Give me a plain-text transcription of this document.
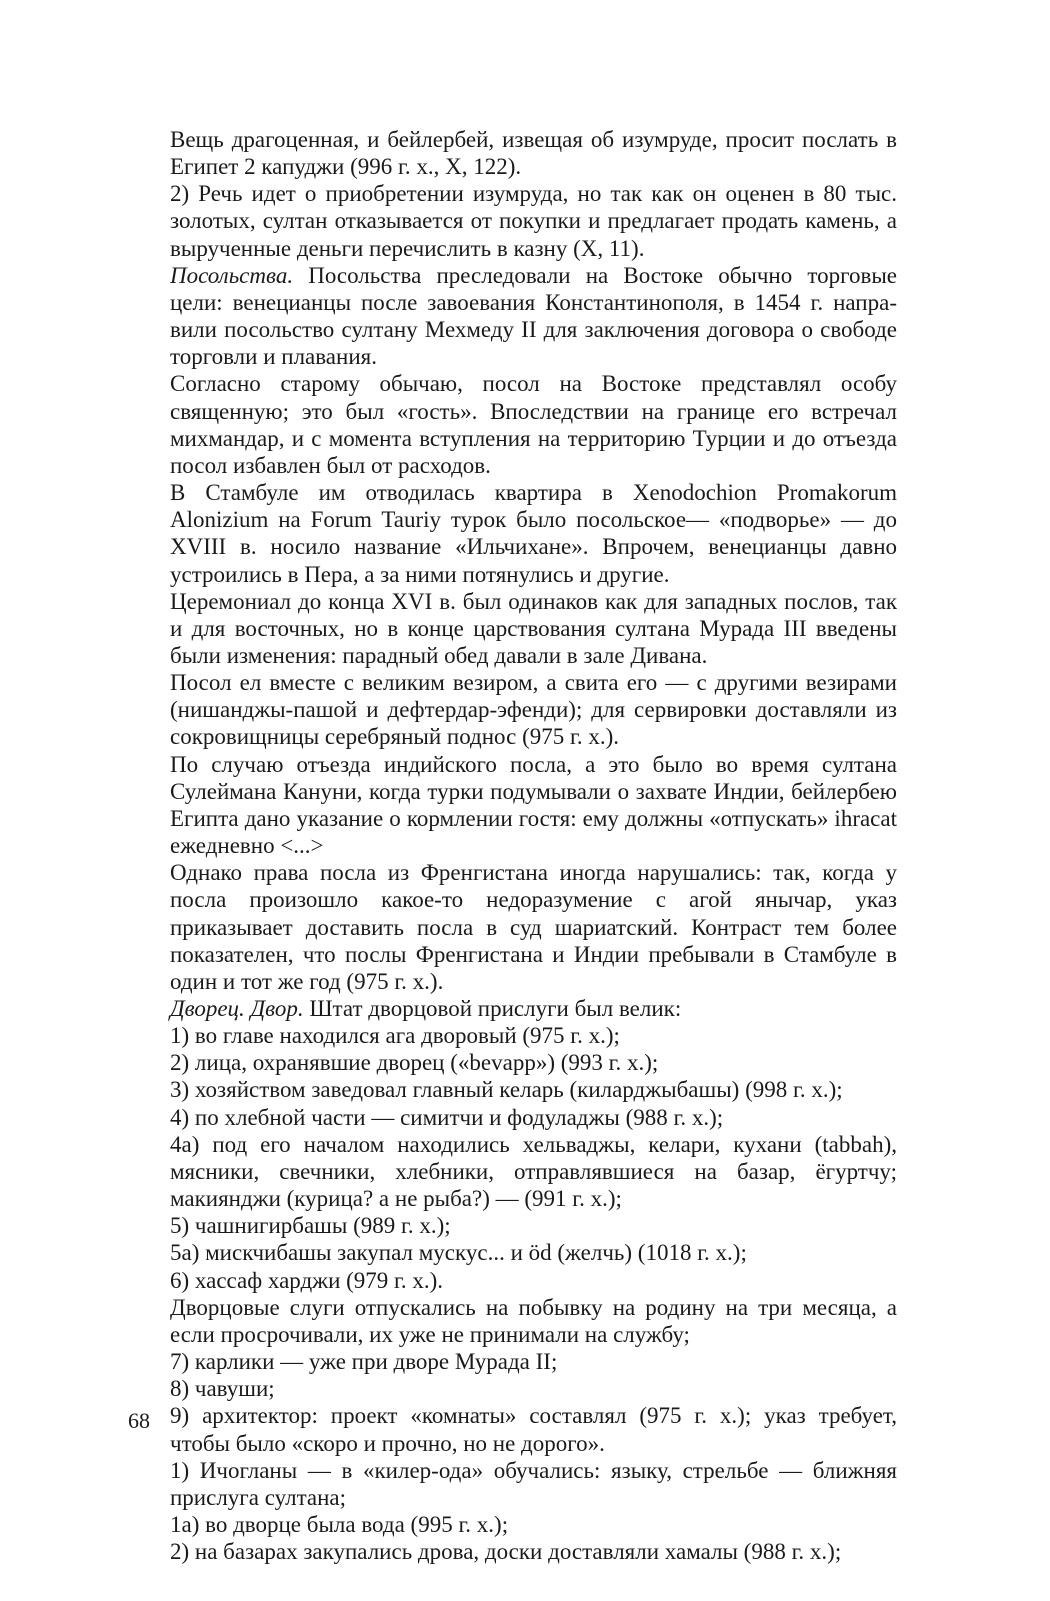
Вещь драгоценная, и бейлербей, извещая об изумруде, просит послать в Египет 2 капуджи (996 г. х., X, 122).

2) Речь идет о приобретении изумруда, но так как он оценен в 80 тыс. золотых, султан отказывается от покупки и предлагает продать камень, а вырученные деньги перечислить в казну (X, 11).

Посольства. Посольства преследовали на Востоке обычно торговые цели: венецианцы после завоевания Константинополя, в 1454 г. направили посольство султану Мехмеду II для заключения договора о свободе торговли и плавания.

Согласно старому обычаю, посол на Востоке представлял особу священную; это был «гость». Впоследствии на границе его встречал михмандар, и с момента вступления на территорию Турции и до отъезда посол избавлен был от расходов.

В Стамбуле им отводилась квартира в Xenodochion Promakorum Alonizium на Forum Tauriy турок было посольское— «подворье» — до XVIII в. носило название «Ильчихане». Впрочем, венецианцы давно устроились в Пера, а за ними потянулись и другие.

Церемониал до конца XVI в. был одинаков как для западных послов, так и для восточных, но в конце царствования султана Мурада III введены были изменения: парадный обед давали в зале Дивана.

Посол ел вместе с великим везиром, а свита его — с другими везирами (нишанджы-пашой и дефтердар-эфенди); для сервировки доставляли из сокровищницы серебряный поднос (975 г. х.).

По случаю отъезда индийского посла, а это было во время султана Сулеймана Кануни, когда турки подумывали о захвате Индии, бейлербею Египта дано указание о кормлении гостя: ему должны «отпускать» ihracat ежедневно <...>

Однако права посла из Френгистана иногда нарушались: так, когда у посла произошло какое-то недоразумение с агой янычар, указ приказывает доставить посла в суд шариатский. Контраст тем более показателен, что послы Френгистана и Индии пребывали в Стамбуле в один и тот же год (975 г. х.).

Дворец. Двор. Штат дворцовой прислуги был велик:

1) во главе находился ага дворовый (975 г. х.);

2) лица, охранявшие дворец («bevapp») (993 г. х.);

3) хозяйством заведовал главный келарь (киларджыбашы) (998 г. х.);

4) по хлебной части — симитчи и фодуладжы (988 г. х.);

4а) под его началом находились хельваджы, келари, кухани (tabbah), мясники, свечники, хлебники, отправлявшиеся на базар, ёгуртчу; макиянджи (курица? а не рыба?) — (991 г. х.);

5) чашнигирбашы (989 г. х.);

5а) мискчибашы закупал мускус... и öd (желчь) (1018 г. х.);

6) хассаф харджи (979 г. х.).

Дворцовые слуги отпускались на побывку на родину на три месяца, а если просрочивали, их уже не принимали на службу;

7) карлики — уже при дворе Мурада II;

8) чавуши;

9) архитектор: проект «комнаты» составлял (975 г. х.); указ требует, чтобы было «скоро и прочно, но не дорого».

1) Ичогланы — в «килер-ода» обучались: языку, стрельбе — ближняя прислуга султана;

1а) во дворце была вода (995 г. х.);

2) на базарах закупались дрова, доски доставляли хамалы (988 г. х.);

68
